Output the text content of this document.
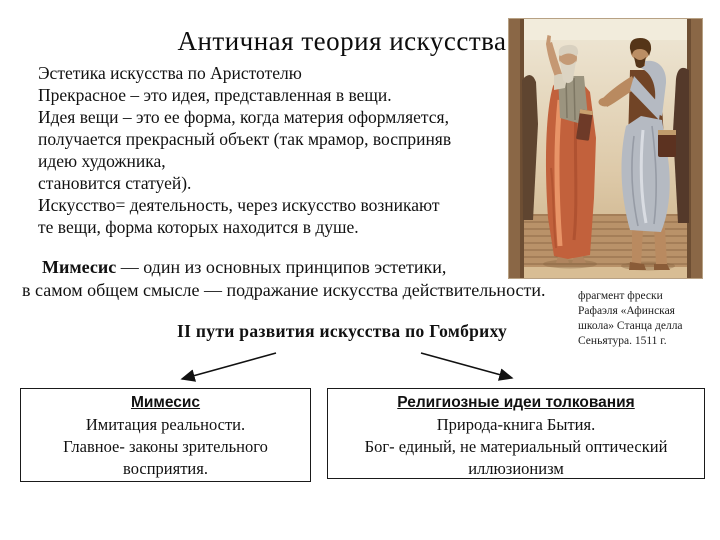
Античная теория искусства
Эстетика искусства по Аристотелю
Прекрасное – это идея, представленная в вещи.
Идея вещи – это ее форма, когда материя оформляется,
получается прекрасный объект (так мрамор, восприняв
идею художника,
становится статуей).
Искусство= деятельность, через искусство возникают
те вещи, форма которых находится в душе.
Мимесис — один из основных принципов эстетики,
в самом общем смысле — подражание искусства действительности.
II пути развития искусства по Гомбриху
Мимесис
Имитация реальности.
Главное- законы зрительного
восприятия.
Религиозные идеи толкования
Природа-книга Бытия.
Бог- единый, не материальный оптический
иллюзионизм
фрагмент фрески
Рафаэля «Афинская
школа» Станца делла
Сеньятура. 1511 г.
